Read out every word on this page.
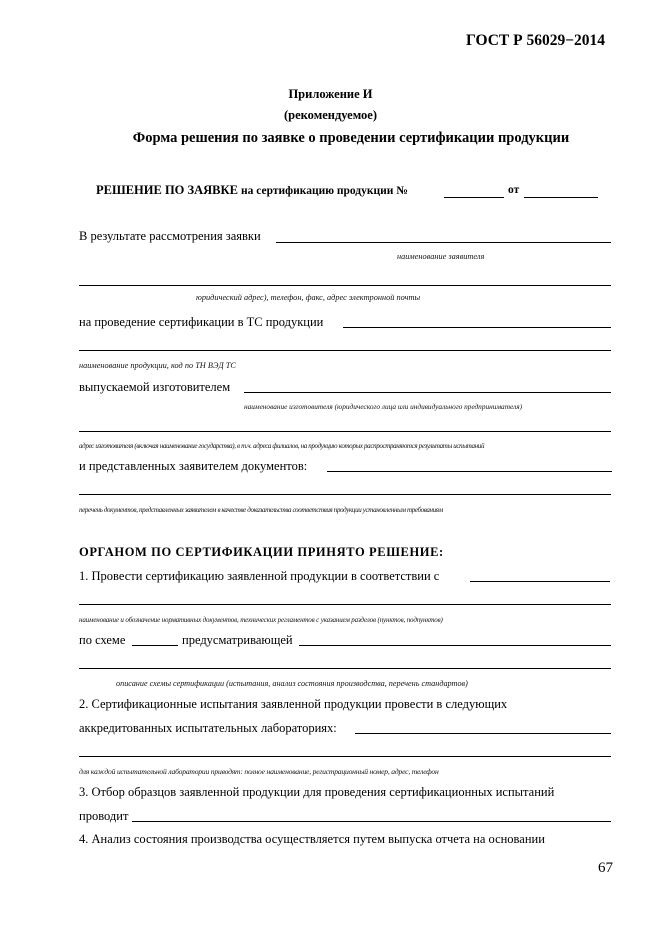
ГОСТ Р 56029−2014
Приложение И
(рекомендуемое)
Форма решения по заявке о проведении сертификации продукции
РЕШЕНИЕ ПО ЗАЯВКЕ на сертификацию продукции №	от
В результате рассмотрения заявки
наименование заявителя
юридический адрес), телефон, факс, адрес электронной почты
на проведение сертификации в ТС продукции
наименование продукции, код по ТН ВЭД ТС
выпускаемой изготовителем
наименование изготовителя (юридического лица или индивидуального предпринимателя)
адрес изготовителя (включая наименование государства), в т.ч. адреса филиалов, на продукцию которых распространяются результаты испытаний
и представленных заявителем документов:
перечень документов, представленных заявителем в качестве доказательства соответствия продукции установленным требованиям
ОРГАНОМ ПО СЕРТИФИКАЦИИ ПРИНЯТО РЕШЕНИЕ:
1. Провести сертификацию заявленной продукции в соответствии с
наименование и обозначение нормативных документов, технических регламентов с указанием разделов (пунктов, подпунктов)
по схеме	предусматривающей
описание схемы сертификации (испытания, анализ состояния производства, перечень стандартов)
2. Сертификационные испытания заявленной продукции провести в следующих
аккредитованных испытательных лабораториях:
для каждой испытательной лаборатории приводят: полное наименование, регистрационный номер, адрес, телефон
3. Отбор образцов заявленной продукции для проведения сертификационных испытаний
проводит
4. Анализ состояния производства осуществляется путем выпуска отчета на основании
67
